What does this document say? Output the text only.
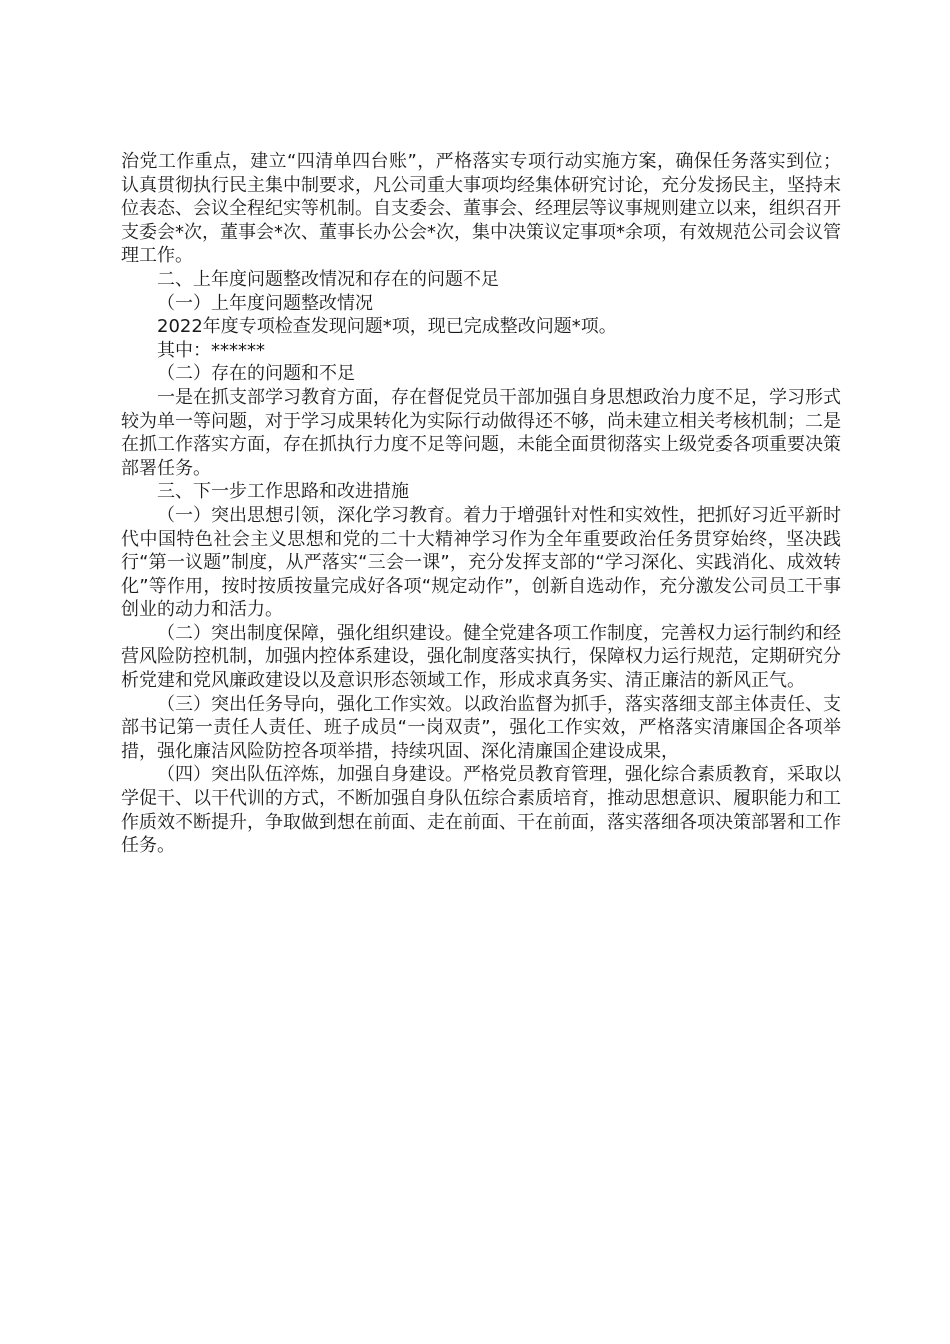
治党工作重点，建立“四清单四台账”，严格落实专项行动实施方案，确保任务落实到位；认真贯彻执行民主集中制要求，凡公司重大事项均经集体研究讨论，充分发扬民主，坚持末位表态、会议全程纪实等机制。自支委会、董事会、经理层等议事规则建立以来，组织召开支委会*次，董事会*次、董事长办公会*次，集中决策议定事项*余项，有效规范公司会议管理工作。

二、上年度问题整改情况和存在的问题不足

（一）上年度问题整改情况

2022年度专项检查发现问题*项，现已完成整改问题*项。

其中：******

（二）存在的问题和不足

一是在抓支部学习教育方面，存在督促党员干部加强自身思想政治力度不足，学习形式较为单一等问题，对于学习成果转化为实际行动做得还不够，尚未建立相关考核机制；二是在抓工作落实方面，存在抓执行力度不足等问题，未能全面贯彻落实上级党委各项重要决策部署任务。

三、下一步工作思路和改进措施

（一）突出思想引领，深化学习教育。着力于增强针对性和实效性，把抓好习近平新时代中国特色社会主义思想和党的二十大精神学习作为全年重要政治任务贯穿始终，坚决践行“第一议题”制度，从严落实“三会一课”，充分发挥支部的“学习深化、实践消化、成效转化”等作用，按时按质按量完成好各项“规定动作”，创新自选动作，充分激发公司员工干事创业的动力和活力。

（二）突出制度保障，强化组织建设。健全党建各项工作制度，完善权力运行制约和经营风险防控机制，加强内控体系建设，强化制度落实执行，保障权力运行规范，定期研究分析党建和党风廉政建设以及意识形态领域工作，形成求真务实、清正廉洁的新风正气。

（三）突出任务导向，强化工作实效。以政治监督为抓手，落实落细支部主体责任、支部书记第一责任人责任、班子成员“一岗双责”，强化工作实效，严格落实清廉国企各项举措，强化廉洁风险防控各项举措，持续巩固、深化清廉国企建设成果，

（四）突出队伍淬炼，加强自身建设。严格党员教育管理，强化综合素质教育，采取以学促干、以干代训的方式，不断加强自身队伍综合素质培育，推动思想意识、履职能力和工作质效不断提升，争取做到想在前面、走在前面、干在前面，落实落细各项决策部署和工作任务。
